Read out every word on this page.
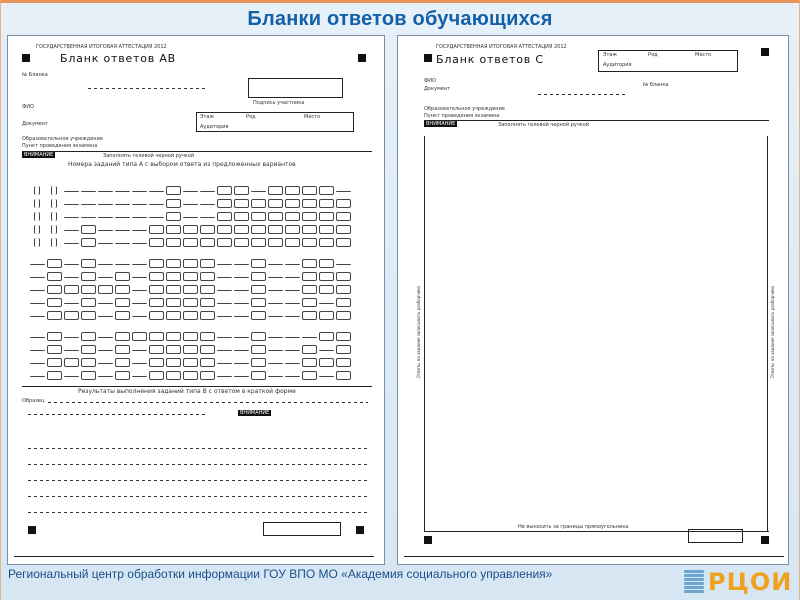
Бланки ответов обучающихся
ГОСУДАРСТВЕННАЯ ИТОГОВАЯ АТТЕСТАЦИЯ 2012
Бланк ответов АВ
№ Бланка
Подпись участника
ФИО
Документ
Этаж	Ряд	Место
Аудитория
Образовательное учреждение
Пункт проведения экзамена
ВНИМАНИЕ	Заполнять гелевой черной ручкой
Номера заданий типа А с выбором ответа из предложенных вариантов
Результаты выполнения заданий типа В с ответом в краткой форме
Образец
ВНИМАНИЕ
ГОСУДАРСТВЕННАЯ ИТОГОВАЯ АТТЕСТАЦИЯ 2012
Бланк ответов С	Этаж	Ряд	Место
Аудитория
ФИО
Документ
№ бланка
Образовательное учреждение
Пункт проведения экзамена
ВНИМАНИЕ	Заполнять гелевой черной ручкой
Ответы на задания записывать разборчиво	Ответы на задания записывать разборчиво
Не выносить за границы прямоугольника
Региональный центр обработки информации ГОУ ВПО МО «Академия социального управления»	РЦОИ
